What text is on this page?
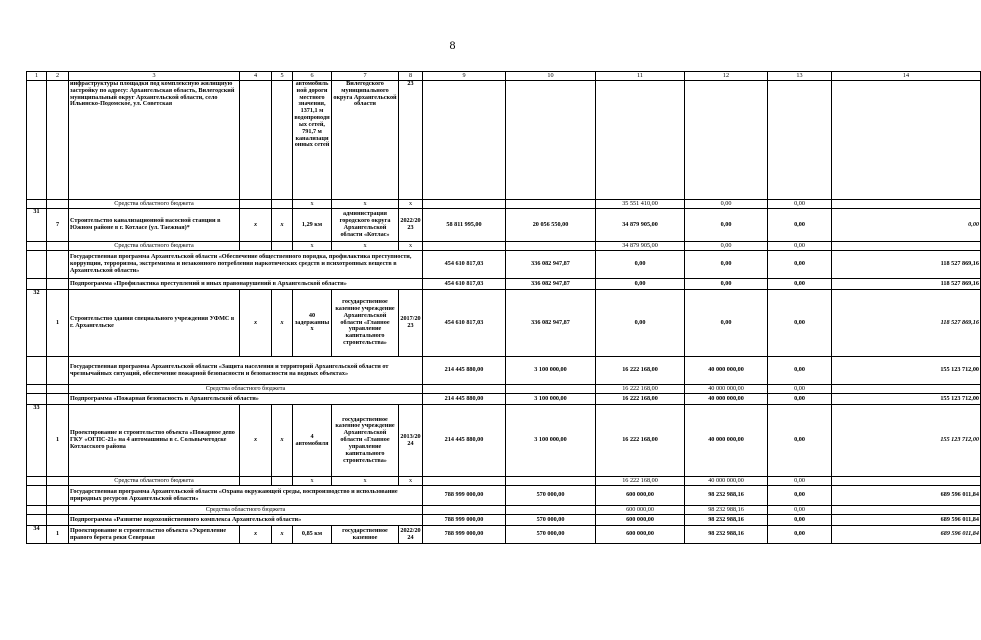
8
1	2	3	4	5	6	7	8	9	10	11	12	13	14
		инфраструктуры площадки под комплексную жилищную застройку по адресу: Архангельская область, Вилегодский муниципальный округ Архангельской области, село Ильинско-Подомское, ул. Советская			автомобильной дороги местного значения, 1371,1 м водопроводных сетей, 791,7 м канализационных сетей	Вилегодского муниципального округа Архангельской области	23						
		Средства областного бюджета			x	x	x			35 551 410,00	0,00	0,00	
31	7	Строительство канализационной насосной станции в Южном районе в г. Котласе (ул. Таежная)*	x	x	1,29 км	администрация городского округа Архангельской области «Котлас»	2022/2023	58 811 995,00	20 056 550,00	34 879 905,00	0,00	0,00	0,00
		Средства областного бюджета			x	x	x			34 879 905,00	0,00	0,00	
		Государственная программа Архангельской области «Обеспечение общественного порядка, профилактика преступности, коррупции, терроризма, экстремизма и незаконного потребления наркотических средств и психотропных веществ в Архангельской области»						454 610 817,03	336 082 947,87	0,00	0,00	0,00	118 527 869,16
		Подпрограмма «Профилактика преступлений и иных правонарушений в Архангельской области»						454 610 817,03	336 082 947,87	0,00	0,00	0,00	118 527 869,16
32	1	Строительство здания специального учреждения УФМС в г. Архангельске	x	x	40 задержанных	государственное казенное учреждение Архангельской области «Главное управление капитального строительства»	2017/2023	454 610 817,03	336 082 947,87	0,00	0,00	0,00	118 527 869,16
		Государственная программа Архангельской области «Защита населения и территорий Архангельской области от чрезвычайных ситуаций, обеспечение пожарной безопасности и безопасности на водных объектах»						214 445 880,00	3 100 000,00	16 222 168,00	40 000 000,00	0,00	155 123 712,00
		Средства областного бюджета								16 222 168,00	40 000 000,00	0,00	
		Подпрограмма «Пожарная безопасность в Архангельской области»						214 445 880,00	3 100 000,00	16 222 168,00	40 000 000,00	0,00	155 123 712,00
33	1	Проектирование и строительство объекта «Пожарное депо ГКУ «ОГПС-21» на 4 автомашины в с. Сольвычегодске Котласского района	x	x	4 автомобиля	государственное казенное учреждение Архангельской области «Главное управление капитального строительства»	2013/2024	214 445 880,00	3 100 000,00	16 222 168,00	40 000 000,00	0,00	155 123 712,00
		Средства областного бюджета			x	x	x			16 222 168,00	40 000 000,00	0,00	
		Государственная программа Архангельской области «Охрана окружающей среды, воспроизводство и использование природных ресурсов Архангельской области»						788 999 000,00	570 000,00	600 000,00	98 232 988,16	0,00	689 596 011,84
		Средства областного бюджета								600 000,00	98 232 988,16	0,00	
		Подпрограмма «Развитие водохозяйственного комплекса Архангельской области»						788 999 000,00	570 000,00	600 000,00	98 232 988,16	0,00	689 596 011,84
34	1	Проектирование и строительство объекта «Укрепление правого берега реки Северная	x	x	0,85 км	государственное казенное	2022/2024	788 999 000,00	570 000,00	600 000,00	98 232 988,16	0,00	689 596 011,84
